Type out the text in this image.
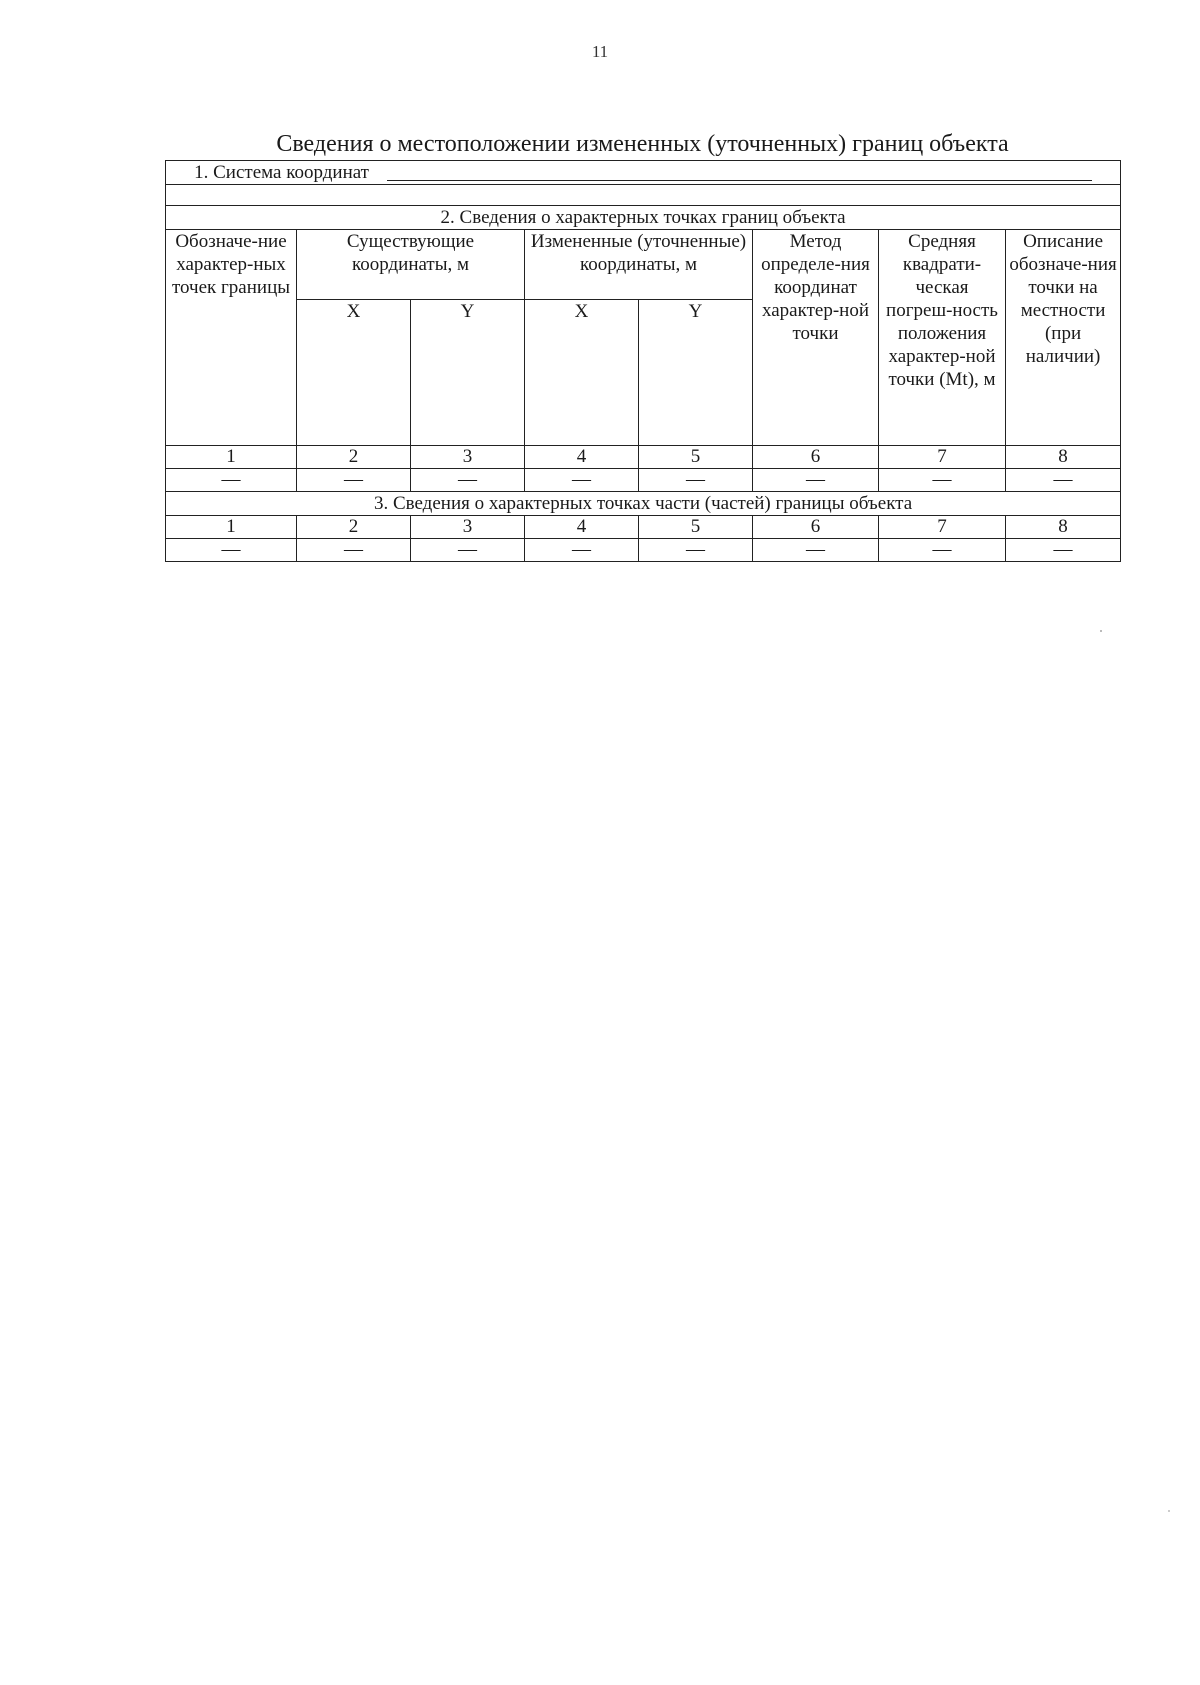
11
Сведения о местоположении измененных (уточненных) границ объекта
1. Система координат							

2. Сведения о характерных точках границ объекта							
Обозначе-ние характер-ных точек границы	Существующие координаты, м		Измененные (уточненные) координаты, м		Метод определе-ния координат характер-ной точки	Средняя квадрати-ческая погреш-ность положения характер-ной точки (Mt), м	Описание обозначе-ния точки на местности (при наличии)
	X	Y	X	Y			
1	2	3	4	5	6	7	8
—	—	—	—	—	—	—	—
3. Сведения о характерных точках части (частей) границы объекта							
1	2	3	4	5	6	7	8
—	—	—	—	—	—	—	—
